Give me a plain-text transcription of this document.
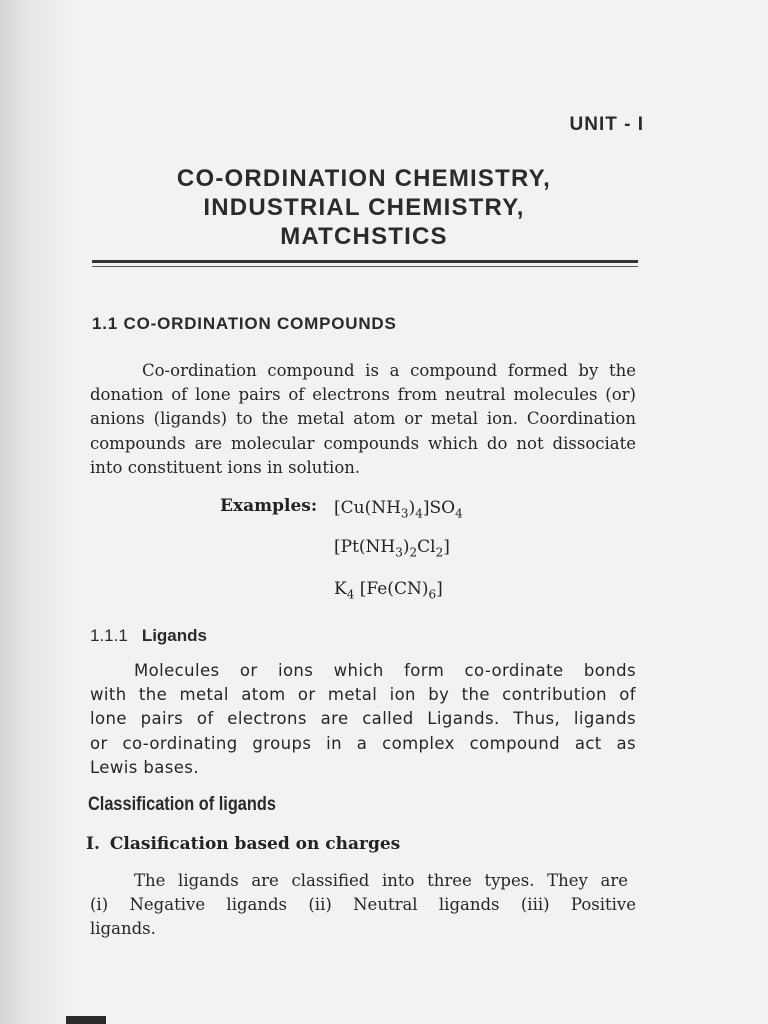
UNIT - I
CO-ORDINATION CHEMISTRY,
INDUSTRIAL CHEMISTRY,
MATCHSTICS
1.1 CO-ORDINATION COMPOUNDS
Co-ordination compound is a compound formed by the
donation of lone pairs of electrons from neutral molecules (or)
anions (ligands) to the metal atom or metal ion. Coordination
compounds are molecular compounds which do not dissociate
into constituent ions in solution.
Examples: $[Cu(NH_3)_4]SO_4$
$[Pt(NH_3)_2Cl_2]$
$K_4$ $[Fe(CN)_6]$
1.1.1 Ligands
Molecules or ions which form co-ordinate bonds
with the metal atom or metal ion by the contribution of
lone pairs of electrons are called Ligands. Thus, ligands
or co-ordinating groups in a complex compound act as
Lewis bases.
Classification of ligands
I. Clasification based on charges
The ligands are classified into three types. They are
(i) Negative ligands (ii) Neutral ligands (iii) Positive
ligands.
